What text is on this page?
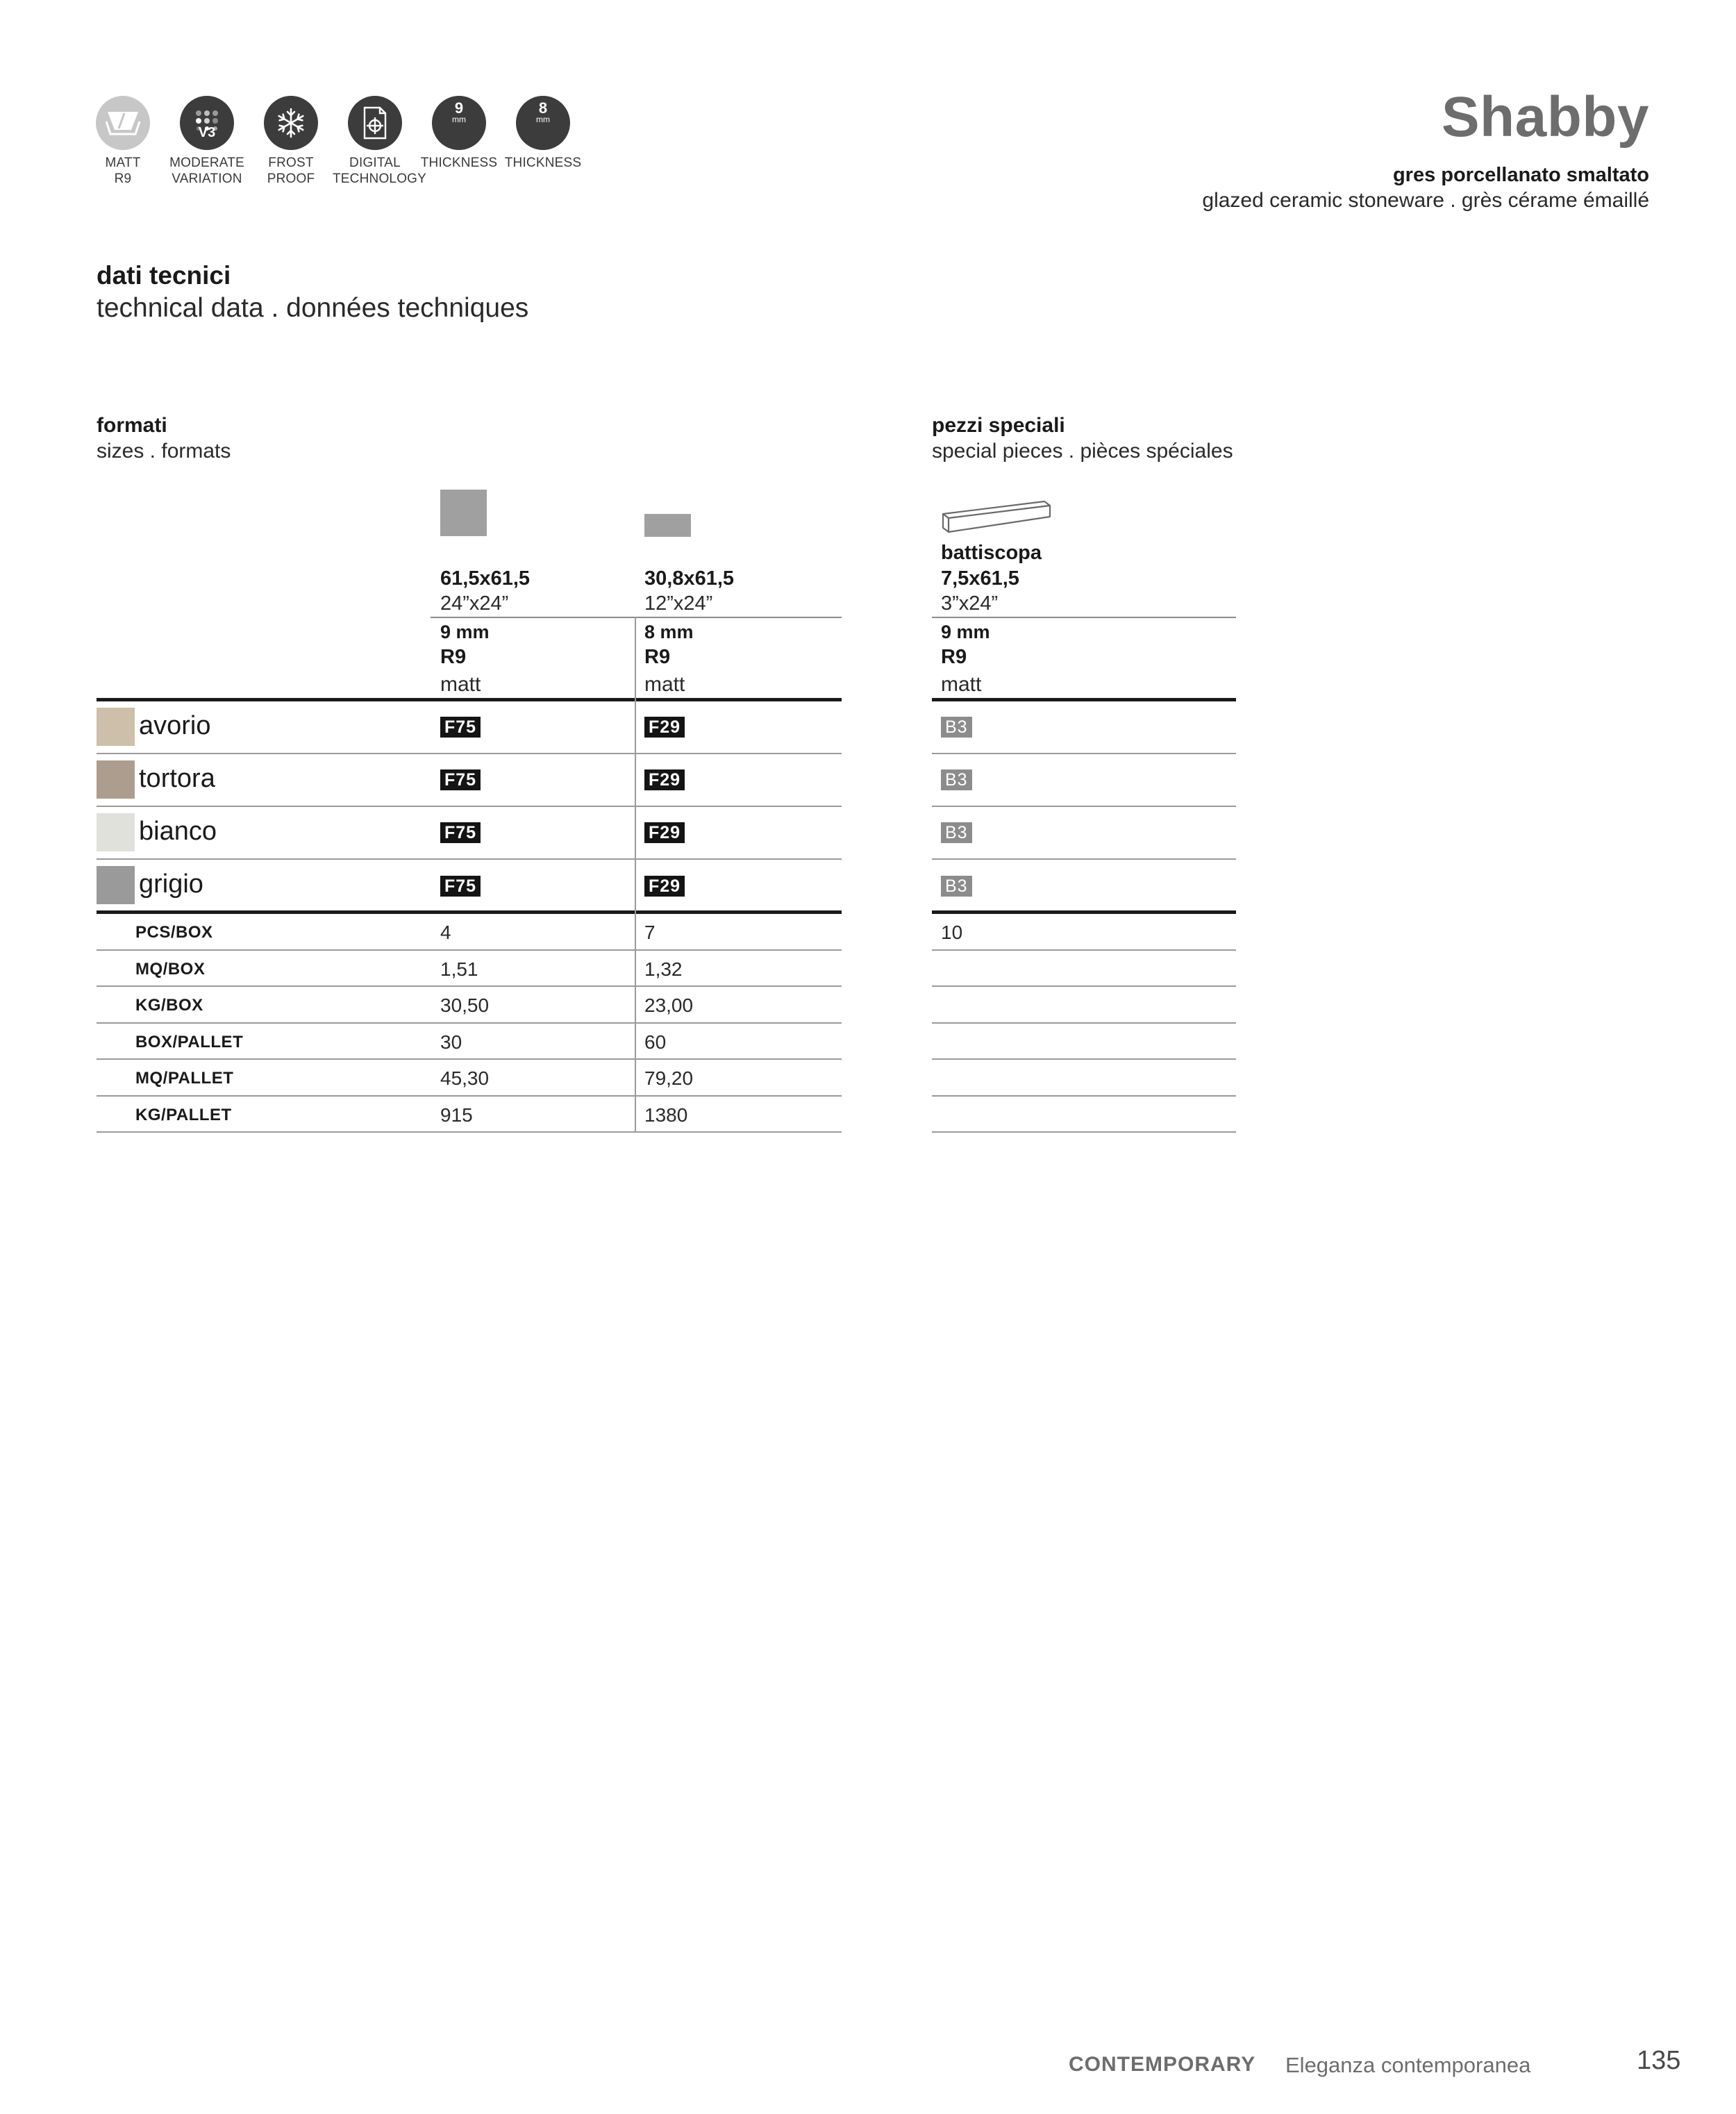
MATT
R9
V3
MODERATE
VARIATION
FROST
PROOF
DIGITAL
TECHNOLOGY
9
mm
THICKNESS
8
mm
THICKNESS
Shabby
gres porcellanato smaltato
glazed ceramic stoneware . grès cérame émaillé
dati tecnici
technical data . données techniques
formati
sizes . formats
61,5x61,5
24”x24”
9 mm
R9
matt
30,8x61,5
12”x24”
8 mm
R9
matt
pezzi speciali
special pieces . pièces spéciales
battiscopa
7,5x61,5
3”x24”
9 mm
R9
matt
avorio	F75	F29	B3
tortora	F75	F29	B3
bianco	F75	F29	B3
grigio	F75	F29	B3
PCS/BOX	4	7	10
MQ/BOX	1,51	1,32
KG/BOX	30,50	23,00
BOX/PALLET	30	60
MQ/PALLET	45,30	79,20
KG/PALLET	915	1380
CONTEMPORARY Eleganza contemporanea	135
